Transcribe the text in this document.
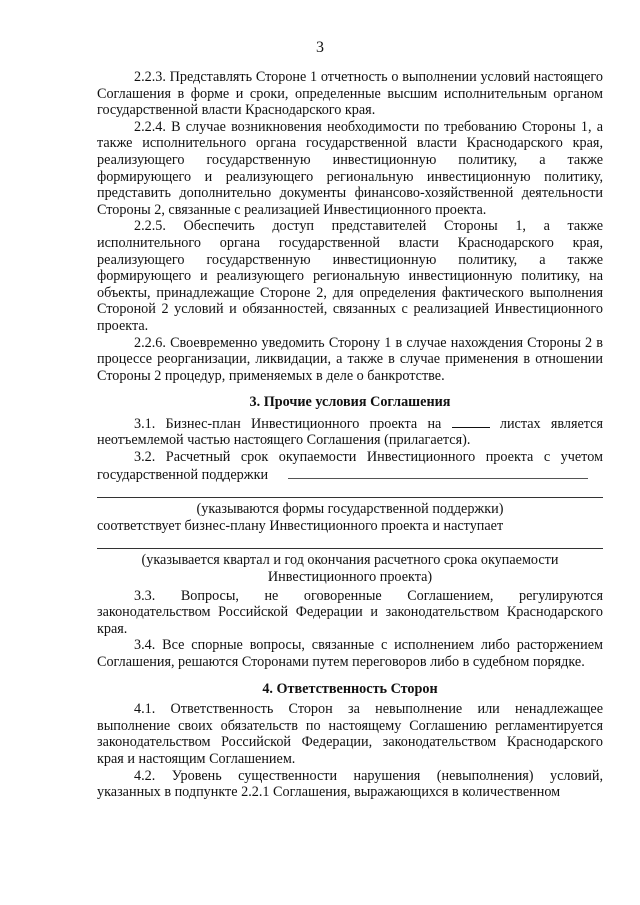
3

2.2.3. Представлять Стороне 1 отчетность о выполнении условий настоящего Соглашения в форме и сроки, определенные высшим исполнительным органом государственной власти Краснодарского края.

2.2.4. В случае возникновения необходимости по требованию Стороны 1, а также исполнительного органа государственной власти Краснодарского края, реализующего государственную инвестиционную политику, а также формирующего и реализующего региональную инвестиционную политику, представить дополнительно документы финансово-хозяйственной деятельности Стороны 2, связанные с реализацией Инвестиционного проекта.

2.2.5. Обеспечить доступ представителей Стороны 1, а также исполнительного органа государственной власти Краснодарского края, реализующего государственную инвестиционную политику, а также формирующего и реализующего региональную инвестиционную политику, на объекты, принадлежащие Стороне 2, для определения фактического выполнения Стороной 2 условий и обязанностей, связанных с реализацией Инвестиционного проекта.

2.2.6. Своевременно уведомить Сторону 1 в случае нахождения Стороны 2 в процессе реорганизации, ликвидации, а также в случае применения в отношении Стороны 2 процедур, применяемых в деле о банкротстве.

3. Прочие условия Соглашения

3.1. Бизнес-план Инвестиционного проекта на	листах является неотъемлемой частью настоящего Соглашения (прилагается).

3.2. Расчетный срок окупаемости Инвестиционного проекта с учетом государственной поддержки

(указываются формы государственной поддержки)

соответствует бизнес-плану Инвестиционного проекта и наступает

(указывается квартал и год окончания расчетного срока окупаемости Инвестиционного проекта)

3.3. Вопросы, не оговоренные Соглашением, регулируются законодательством Российской Федерации и законодательством Краснодарского края.

3.4. Все спорные вопросы, связанные с исполнением либо расторжением Соглашения, решаются Сторонами путем переговоров либо в судебном порядке.

4. Ответственность Сторон

4.1. Ответственность Сторон за невыполнение или ненадлежащее выполнение своих обязательств по настоящему Соглашению регламентируется законодательством Российской Федерации, законодательством Краснодарского края и настоящим Соглашением.

4.2. Уровень существенности нарушения (невыполнения) условий, указанных в подпункте 2.2.1 Соглашения, выражающихся в количественном
